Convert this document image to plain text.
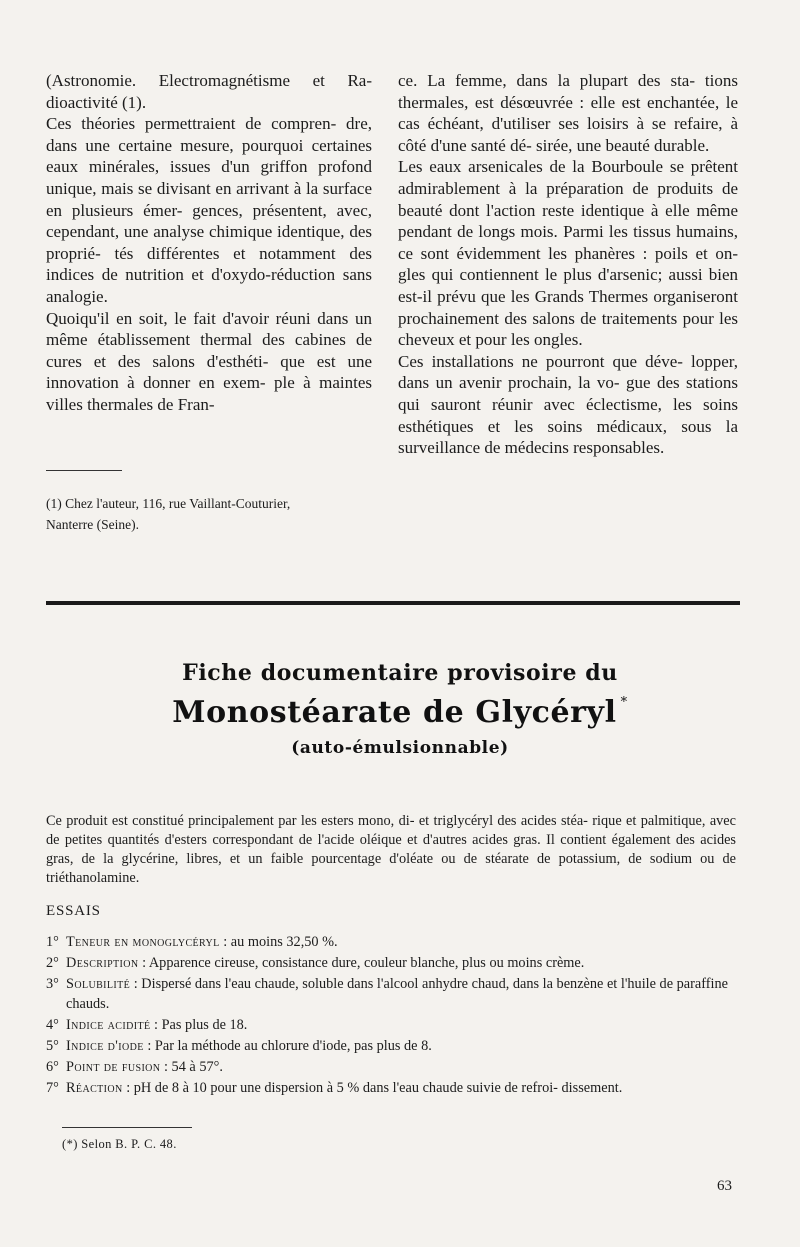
(Astronomie. Electromagnétisme et Ra- dioactivité (1).

Ces théories permettraient de compren- dre, dans une certaine mesure, pourquoi certaines eaux minérales, issues d'un griffon profond unique, mais se divisant en arrivant à la surface en plusieurs émer- gences, présentent, avec, cependant, une analyse chimique identique, des proprié- tés différentes et notamment des indices de nutrition et d'oxydo-réduction sans analogie.

Quoiqu'il en soit, le fait d'avoir réuni dans un même établissement thermal des cabines de cures et des salons d'esthéti- que est une innovation à donner en exem- ple à maintes villes thermales de Fran-

(1) Chez l'auteur, 116, rue Vaillant-Couturier,
Nanterre (Seine).

ce. La femme, dans la plupart des sta- tions thermales, est désœuvrée : elle est enchantée, le cas échéant, d'utiliser ses loisirs à se refaire, à côté d'une santé dé- sirée, une beauté durable.

Les eaux arsenicales de la Bourboule se prêtent admirablement à la préparation de produits de beauté dont l'action reste identique à elle même pendant de longs mois. Parmi les tissus humains, ce sont évidemment les phanères : poils et on- gles qui contiennent le plus d'arsenic; aussi bien est-il prévu que les Grands Thermes organiseront prochainement des salons de traitements pour les cheveux et pour les ongles.

Ces installations ne pourront que déve- lopper, dans un avenir prochain, la vo- gue des stations qui sauront réunir avec éclectisme, les soins esthétiques et les soins médicaux, sous la surveillance de médecins responsables.

Fiche documentaire provisoire du
Monostéarate de Glycéryl *
(auto-émulsionnable)
Ce produit est constitué principalement par les esters mono, di- et triglycéryl des acides stéa- rique et palmitique, avec de petites quantités d'esters correspondant de l'acide oléique et d'autres acides gras. Il contient également des acides gras, de la glycérine, libres, et un faible pourcentage d'oléate ou de stéarate de potassium, de sodium ou de triéthanolamine.
ESSAIS
1° Teneur en monoglycéryl : au moins 32,50 %.
2° Description : Apparence cireuse, consistance dure, couleur blanche, plus ou moins crème.
3° Solubilité : Dispersé dans l'eau chaude, soluble dans l'alcool anhydre chaud, dans la benzène et l'huile de paraffine chauds.
4° Indice acidité : Pas plus de 18.
5° Indice d'iode : Par la méthode au chlorure d'iode, pas plus de 8.
6° Point de fusion : 54 à 57°.
7° Réaction : pH de 8 à 10 pour une dispersion à 5 % dans l'eau chaude suivie de refroi- dissement.
(*) Selon B. P. C. 48.
63
